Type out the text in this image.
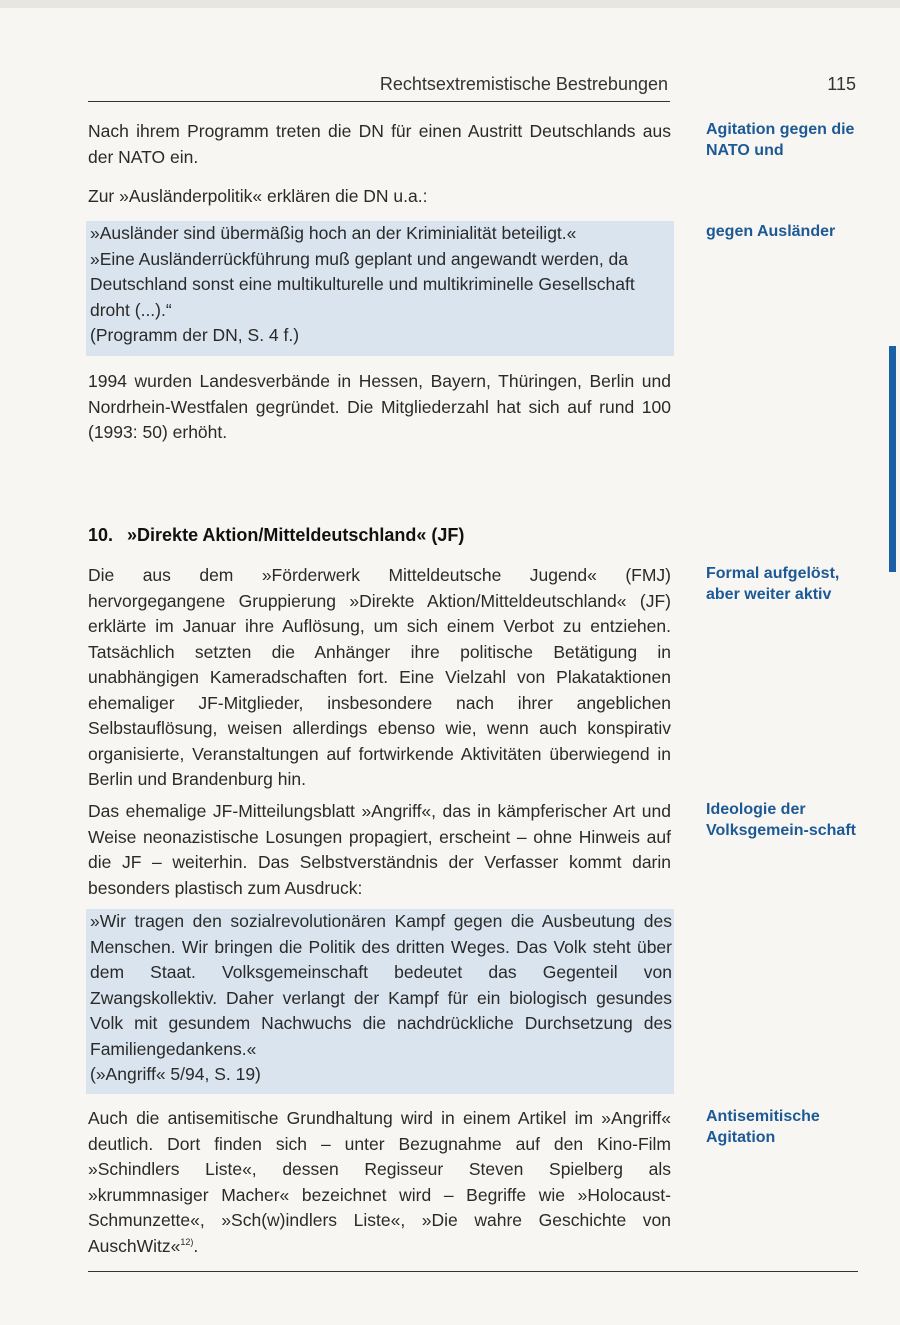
Rechtsextremistische Bestrebungen	115
Nach ihrem Programm treten die DN für einen Austritt Deutschlands aus der NATO ein.
Zur »Ausländerpolitik« erklären die DN u.a.:
»Ausländer sind übermäßig hoch an der Kriminialität beteiligt.«
»Eine Ausländerrückführung muß geplant und angewandt werden, da Deutschland sonst eine multikulturelle und multikriminelle Gesellschaft droht (...).“
(Programm der DN, S. 4 f.)
1994 wurden Landesverbände in Hessen, Bayern, Thüringen, Berlin und Nordrhein-Westfalen gegründet. Die Mitgliederzahl hat sich auf rund 100 (1993: 50) erhöht.
10. »Direkte Aktion/Mitteldeutschland« (JF)
Die aus dem »Förderwerk Mitteldeutsche Jugend« (FMJ) hervorgegangene Gruppierung »Direkte Aktion/Mitteldeutschland« (JF) erklärte im Januar ihre Auflösung, um sich einem Verbot zu entziehen. Tatsächlich setzten die Anhänger ihre politische Betätigung in unabhängigen Kameradschaften fort. Eine Vielzahl von Plakataktionen ehemaliger JF-Mitglieder, insbesondere nach ihrer angeblichen Selbstauflösung, weisen allerdings ebenso wie, wenn auch konspirativ organisierte, Veranstaltungen auf fortwirkende Aktivitäten überwiegend in Berlin und Brandenburg hin.
Das ehemalige JF-Mitteilungsblatt »Angriff«, das in kämpferischer Art und Weise neonazistische Losungen propagiert, erscheint – ohne Hinweis auf die JF – weiterhin. Das Selbstverständnis der Verfasser kommt darin besonders plastisch zum Ausdruck:
»Wir tragen den sozialrevolutionären Kampf gegen die Ausbeutung des Menschen. Wir bringen die Politik des dritten Weges. Das Volk steht über dem Staat. Volksgemeinschaft bedeutet das Gegenteil von Zwangskollektiv. Daher verlangt der Kampf für ein biologisch gesundes Volk mit gesundem Nachwuchs die nachdrückliche Durchsetzung des Familiengedankens.«
(»Angriff« 5/94, S. 19)
Auch die antisemitische Grundhaltung wird in einem Artikel im »Angriff« deutlich. Dort finden sich – unter Bezugnahme auf den Kino-Film »Schindlers Liste«, dessen Regisseur Steven Spielberg als »krummnasiger Macher« bezeichnet wird – Begriffe wie »Holocaust-Schmunzette«, »Sch(w)indlers Liste«, »Die wahre Geschichte von AuschWitz«$^{12)}$.
Agitation gegen die NATO und
gegen Ausländer
Formal aufgelöst, aber weiter aktiv
Ideologie der Volksgemein-schaft
Antisemitische Agitation
